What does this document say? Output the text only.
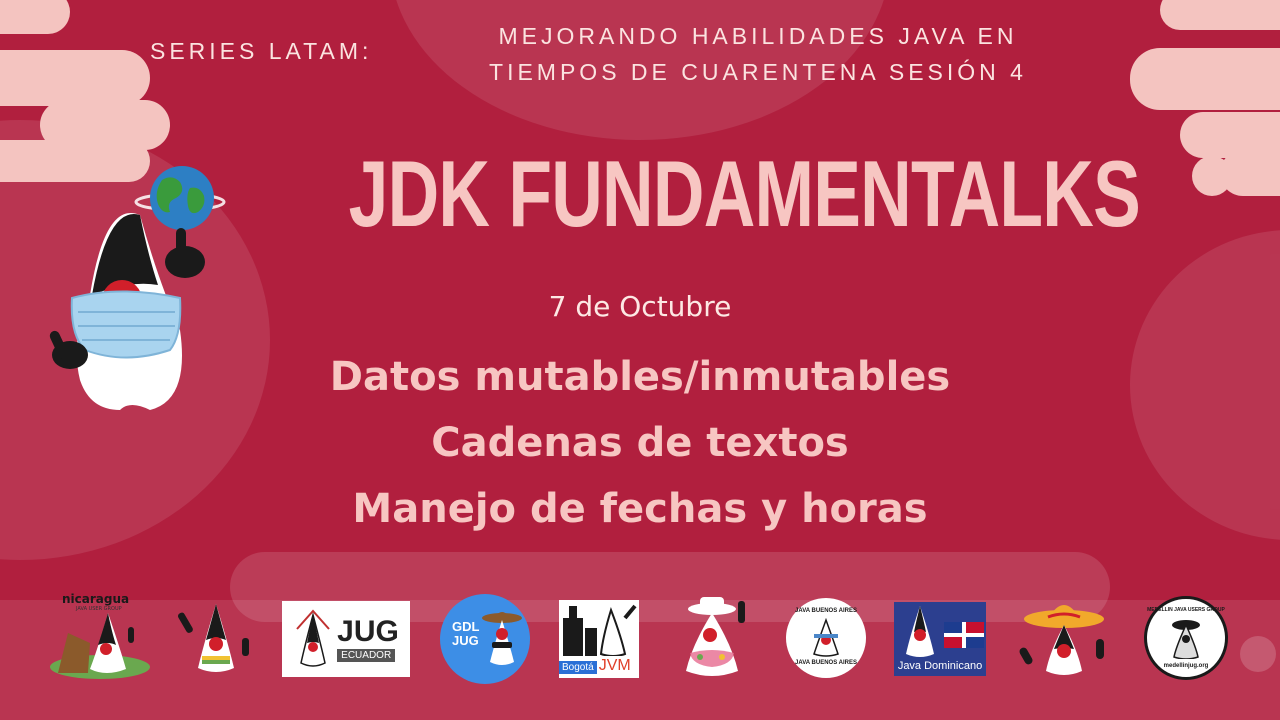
SERIES LATAM:
MEJORANDO HABILIDADES JAVA EN
TIEMPOS DE CUARENTENA SESIÓN 4
JDK FUNDAMENTALKS
7 de Octubre
Datos mutables/inmutables
Cadenas de textos
Manejo de fechas y horas
nicaragua
JAVA USER GROUP
JUG
ECUADOR
GDL
JUG
Bogotá JVM
JAVA BUENOS AIRES
JAVA BUENOS AIRES	Java Dominicano
MEDELLIN JAVA USERS GROUP
medellinjug.org
